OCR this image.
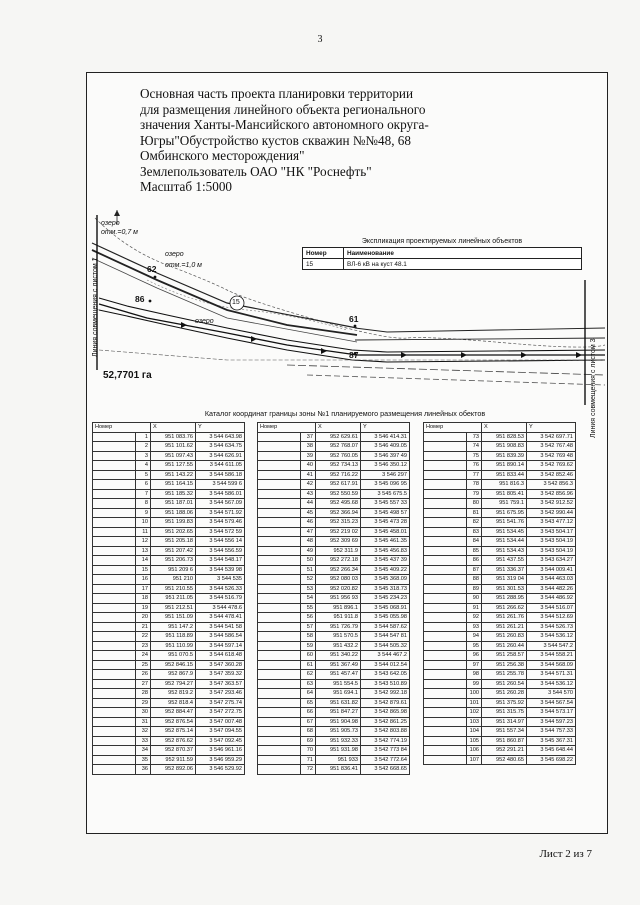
3
Основная часть проекта планировки территории
для размещения линейного объекта регионального
значения Ханты-Мансийского автономного округа-
Югры"Обустройство кустов скважин №№48, 68
Омбинского месторождения"
Землепользователь ОАО "НК "Роснефть"
Масштаб 1:5000
озеро
отм.=0,7 м
озеро
отм.=1,0 м
озеро
62
86
61
87
15
52,7701 га
Линия совмещения с листом 1
Линия совмещения с листом 3
Экспликация проектируемых линейных объектов
Номер	Наименование
15	ВЛ-6 кВ на куст 48.1
Каталог координат границы зоны №1 планируемого размещения линейных обектов
Номер		X	Y
	1	951 083.76	3 544 643.98
	2	951 101.62	3 544 634.75
	3	951 097.43	3 544 626.91
	4	951 127.55	3 544 611.05
	5	951 143.22	3 544 586.18
	6	951 164.15	3 544 599 6
	7	951 185.32	3 544 586.01
	8	951 187.01	3 544 567.09
	9	951 188.06	3 544 571.92
	10	951 199.83	3 544 579.46
	11	951 202.65	3 544 572 59
	12	951 205.18	3 544 556 14
	13	951 207.42	3 544 556.59
	14	951 206.73	3 544 548.17
	15	951 209 6	3 544 539 98
	16	951 210	3 544 535
	17	951 210.55	3 544 526.33
	18	951 211.05	3 544 516.79
	19	951 212.51	3 544 478.6
	20	951 151.09	3 544 478.41
	21	951 147.2	3 544 541 58
	22	951 118.89	3 544 586.54
	23	951 110.99	3 544 597.14
	24	951 070.5	3 544 618.48
	25	952 846.15	3 547 360.28
	26	952 867.9	3 547 359.32
	27	952 794.27	3 547 363.57
	28	952 819.2	3 547 293.46
	29	952 818.4	3 547 275.74
	30	952 884.47	3 547 272.75
	31	952 876.54	3 547 007.48
	32	952 875.14	3 547 094.55
	33	952 876.62	3 547 092.45
	34	952 870.37	3 546 961.16
	35	952 911.59	3 546 959.29
	36	952 892.06	3 546 529.92
Номер		X	Y
	37	952 629.61	3 546 414.31
	38	952 768.07	3 546 409.05
	39	952 760.05	3 546 397 49
	40	952 734.13	3 546 350.12
	41	952 716.22	3 546 297
	42	952 617.91	3 545 096 95
	43	952 550.59	3 545 675.5
	44	952 495.68	3 545 557 33
	45	952 366.94	3 545 498 57
	46	952 315.23	3 545 473 28
	47	952 219 02	3 545 458.01
	48	952 309 69	3 545 461.35
	49	952 311.9	3 545 456.83
	50	952 272.18	3 545 437 39
	51	952 266.34	3 545 409.22
	52	952 080 03	3 545 368.09
	53	952 020.82	3 545 318.73
	54	951 956 93	3 545 234.23
	55	951 896.1	3 545 068.91
	56	951 911.8	3 545 055.98
	57	951 726.79	3 544 587.62
	58	951 570.5	3 544 547 81
	59	951 432.2	3 544 505.32
	60	951 340.22	3 544 467.2
	61	951 367.49	3 544 012.54
	62	951 457.47	3 543 642.05
	63	951 554.5	3 543 510.89
	64	951 694.1	3 542 992.18
	65	951 631.82	3 542 879.61
	66	951 847.27	3 542 865.98
	67	951 904.98	3 542 861.25
	68	951 905.73	3 542 803.88
	69	951 932.33	3 542 774.19
	70	951 931.98	3 542 773 84
	71	951 933	3 542 772.64
	72	951 836.41	3 542 668.65
Номер		X	Y
	73	951 828.53	3 542 697.71
	74	951 908.83	3 542 767.48
	75	951 839.39	3 542 769 48
	76	951 890.14	3 542 769.62
	77	951 833.44	3 542 852.46
	78	951 816.3	3 542 856.3
	79	951 805.41	3 542 856.96
	80	951 759.1	3 542 912.52
	81	951 675.95	3 542 990.44
	82	951 541.76	3 543 477.12
	83	951 534.45	3 543 504.17
	84	951 534.44	3 543 504.19
	85	951 534.43	3 543 504.19
	86	951 437.55	3 543 634.27
	87	951 336.37	3 544 009.41
	88	951 319 04	3 544 463.03
	89	951 301.53	3 544 482.26
	90	951 288.95	3 544 486.92
	91	951 266.62	3 544 516.07
	92	951 261.76	3 544 512.69
	93	951 261.21	3 544 526.73
	94	951 260.83	3 544 536.12
	95	951 260.44	3 544 547.2
	96	951 258.57	3 544 558.21
	97	951 256.38	3 544 568.09
	98	951 255.78	3 544 571.31
	99	951 260.54	3 544 536.12
	100	951 260.28	3 544 570
	101	951 375.92	3 544 567.54
	102	951 315.75	3 544 573.17
	103	951 314.97	3 544 597.23
	104	951 557.34	3 544 757.33
	105	951 860.87	3 545 367.31
	106	952 291.21	3 545 648.44
	107	952 480.65	3 545 698.22
Лист 2 из 7
